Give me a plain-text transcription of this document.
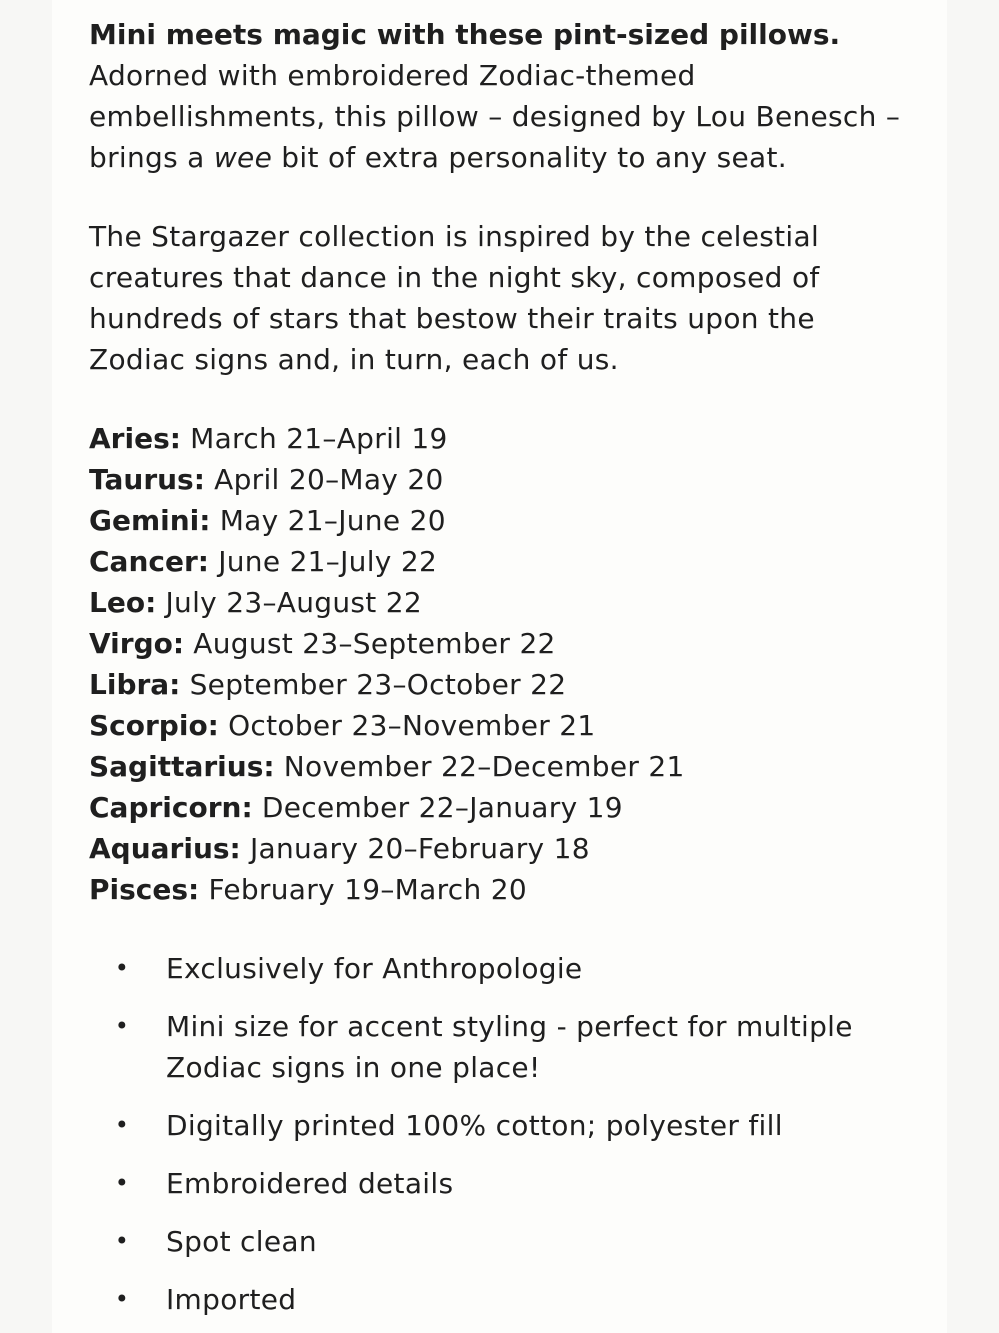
Mini meets magic with these pint-sized pillows. Adorned with embroidered Zodiac-themed embellishments, this pillow – designed by Lou Benesch – brings a wee bit of extra personality to any seat.

The Stargazer collection is inspired by the celestial creatures that dance in the night sky, composed of hundreds of stars that bestow their traits upon the Zodiac signs and, in turn, each of us.

Aries: March 21–April 19
Taurus: April 20–May 20
Gemini: May 21–June 20
Cancer: June 21–July 22
Leo: July 23–August 22
Virgo: August 23–September 22
Libra: September 23–October 22
Scorpio: October 23–November 21
Sagittarius: November 22–December 21
Capricorn: December 22–January 19
Aquarius: January 20–February 18
Pisces: February 19–March 20
• Exclusively for Anthropologie
• Mini size for accent styling - perfect for multiple Zodiac signs in one place!
• Digitally printed 100% cotton; polyester fill
• Embroidered details
• Spot clean
• Imported
